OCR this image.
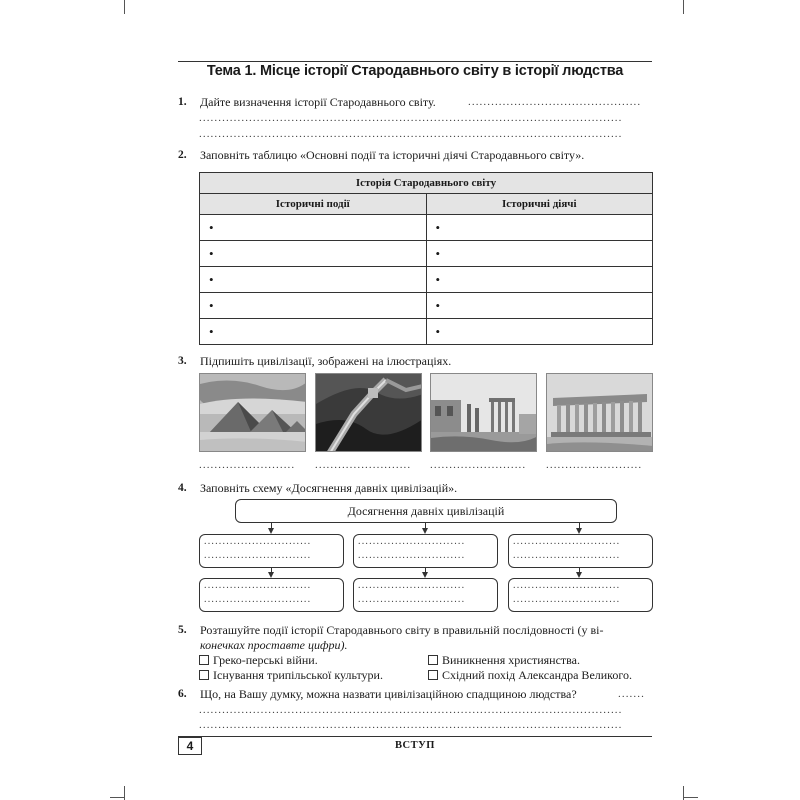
Тема 1. Місце історії Стародавнього світу в історії людства
1. Дайте визначення історії Стародавнього світу.	.............................................
..............................................................................................................
..............................................................................................................
2. Заповніть таблицю «Основні події та історичні діячі Стародавнього світу».
Історія Стародавнього світу	
Історичні події	Історичні діячі
•	•
•	•
•	•
•	•
•	•
3. Підпишіть цивілізації, зображені на ілюстраціях.
.........................	.........................	.........................	.........................
4. Заповніть схему «Досягнення давніх цивілізацій».
Досягнення давніх цивілізацій
.............................
.............................
.............................
.............................
.............................
.............................
.............................
.............................
.............................
.............................
.............................
.............................
5. Розташуйте події історії Стародавнього світу в правильній послідовності (у ві-
конечках проставте цифри).
Греко-перські війни.	Виникнення християнства.
Існування трипільської культури.	Східний похід Александра Великого.
6. Що, на Вашу думку, можна назвати цивілізаційною спадщиною людства?	.......
..............................................................................................................
..............................................................................................................
4	ВСТУП
